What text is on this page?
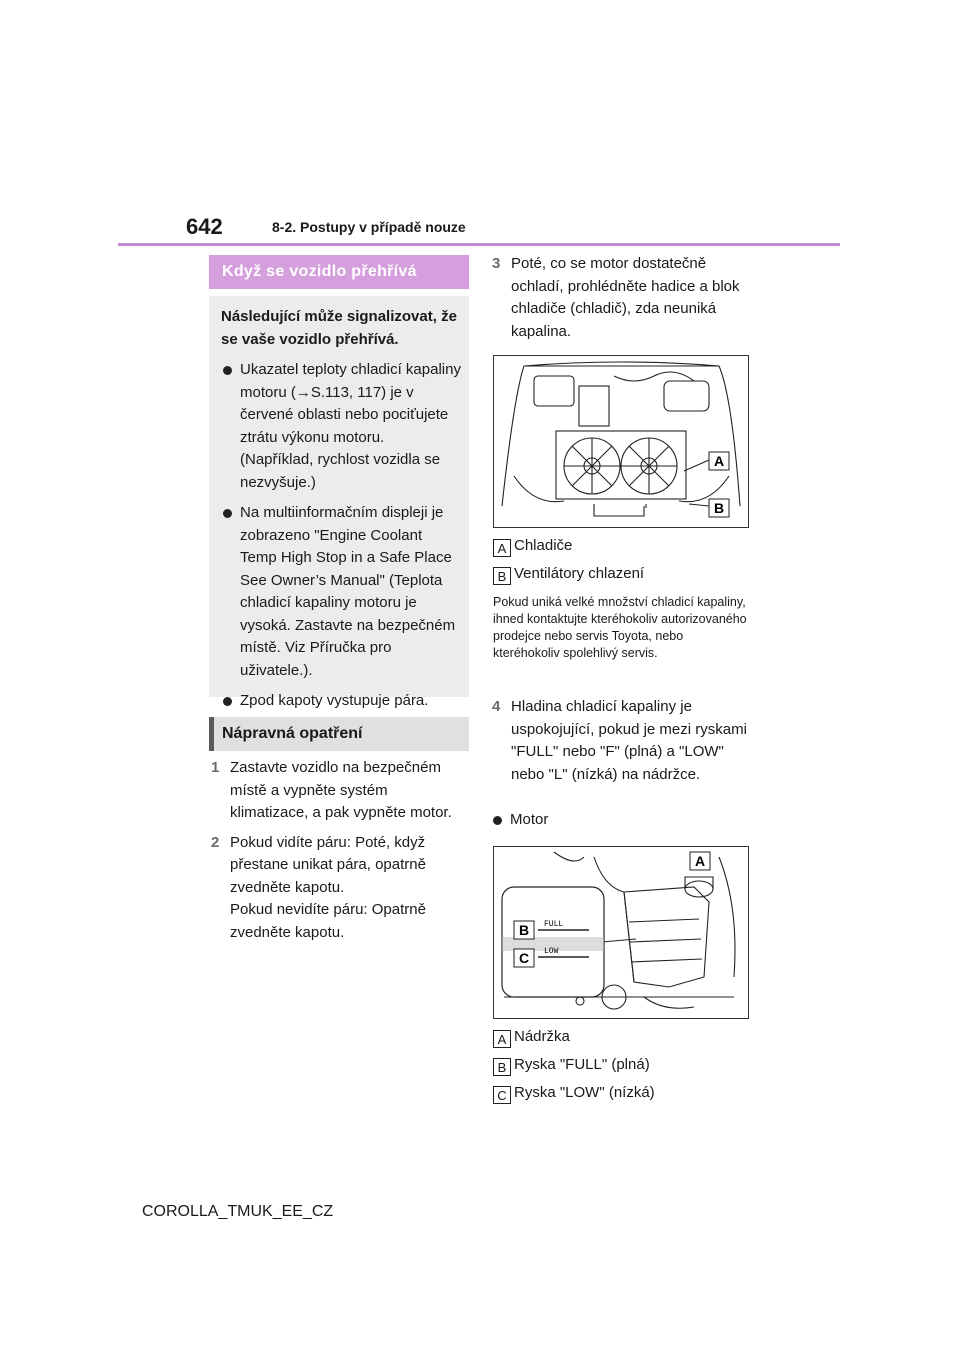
642	8-2. Postupy v případě nouze
Když se vozidlo přehřívá
Následující může signalizovat, že se vaše vozidlo přehřívá.
Ukazatel teploty chladicí kapaliny motoru (→S.113, 117) je v červené oblasti nebo pociťujete ztrátu výkonu motoru. (Například, rychlost vozidla se nezvyšuje.)
Na multiinformačním displeji je zobrazeno "Engine Coolant Temp High Stop in a Safe Place See Owner’s Manual" (Teplota chladicí kapaliny motoru je vysoká. Zastavte na bezpečném místě. Viz Příručka pro uživatele.).
Zpod kapoty vystupuje pára.
Nápravná opatření
1 Zastavte vozidlo na bezpečném místě a vypněte systém klimatizace, a pak vypněte motor.
2 Pokud vidíte páru: Poté, když přestane unikat pára, opatrně zvedněte kapotu.
Pokud nevidíte páru: Opatrně zvedněte kapotu.
3 Poté, co se motor dostatečně ochladí, prohlédněte hadice a blok chladiče (chladič), zda neuniká kapalina.
A
B
A Chladiče
B Ventilátory chlazení
Pokud uniká velké množství chladicí kapaliny, ihned kontaktujte kteréhokoliv autorizovaného prodejce nebo servis Toyota, nebo kteréhokoliv spolehlivý servis.
4 Hladina chladicí kapaliny je uspokojující, pokud je mezi ryskami "FULL" nebo "F" (plná) a "LOW" nebo "L" (nízká) na nádržce.
Motor
B
C
FULL
LOW
A
A Nádržka
B Ryska "FULL" (plná)
C Ryska "LOW" (nízká)
COROLLA_TMUK_EE_CZ
